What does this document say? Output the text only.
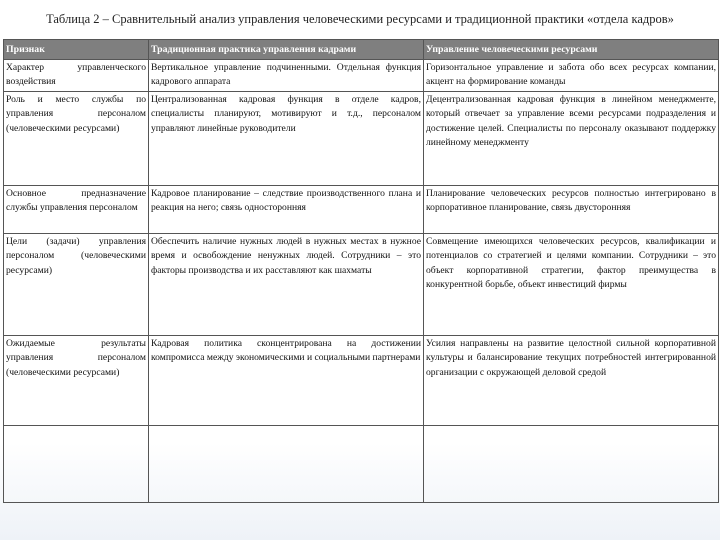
Таблица 2 – Сравнительный анализ управления человеческими ресурсами и традиционной практики «отдела кадров»
Признак	Традиционная практика управления кадрами	Управление человеческими ресурсами
Характер управленческого воздействия	Вертикальное управление подчиненными. Отдельная функция кадрового аппарата	Горизонтальное управление и забота обо всех ресурсах компании, акцент на формирование команды
Роль и место службы по управления персоналом (человеческими ресурсами)	Централизованная кадровая функция в отделе кадров, специалисты планируют, мотивируют и т.д., персоналом управляют линейные руководители	Децентрализованная кадровая функция в линейном менеджменте, который отвечает за управление всеми ресурсами подразделения и достижение целей. Специалисты по персоналу оказывают поддержку линейному менеджменту
Основное предназначение службы управления персоналом	Кадровое планирование – следствие производственного плана и реакция на него; связь односторонняя	Планирование человеческих ресурсов полностью интегрировано в корпоративное планирование, связь двусторонняя
Цели (задачи) управления персоналом (человеческими ресурсами)	Обеспечить наличие нужных людей в нужных местах в нужное время и освобождение ненужных людей. Сотрудники – это факторы производства и их расставляют как шахматы	Совмещение имеющихся человеческих ресурсов, квалификации и потенциалов со стратегией и целями компании. Сотрудники – это объект корпоративной стратегии, фактор преимущества в конкурентной борьбе, объект инвестиций фирмы
Ожидаемые результаты управления персоналом (человеческими ресурсами)	Кадровая политика сконцентрирована на достижении компромисса между экономическими и социальными партнерами	Усилия направлены на развитие целостной сильной корпоративной культуры и балансирование текущих потребностей интегрированной организации с окружающей деловой средой
